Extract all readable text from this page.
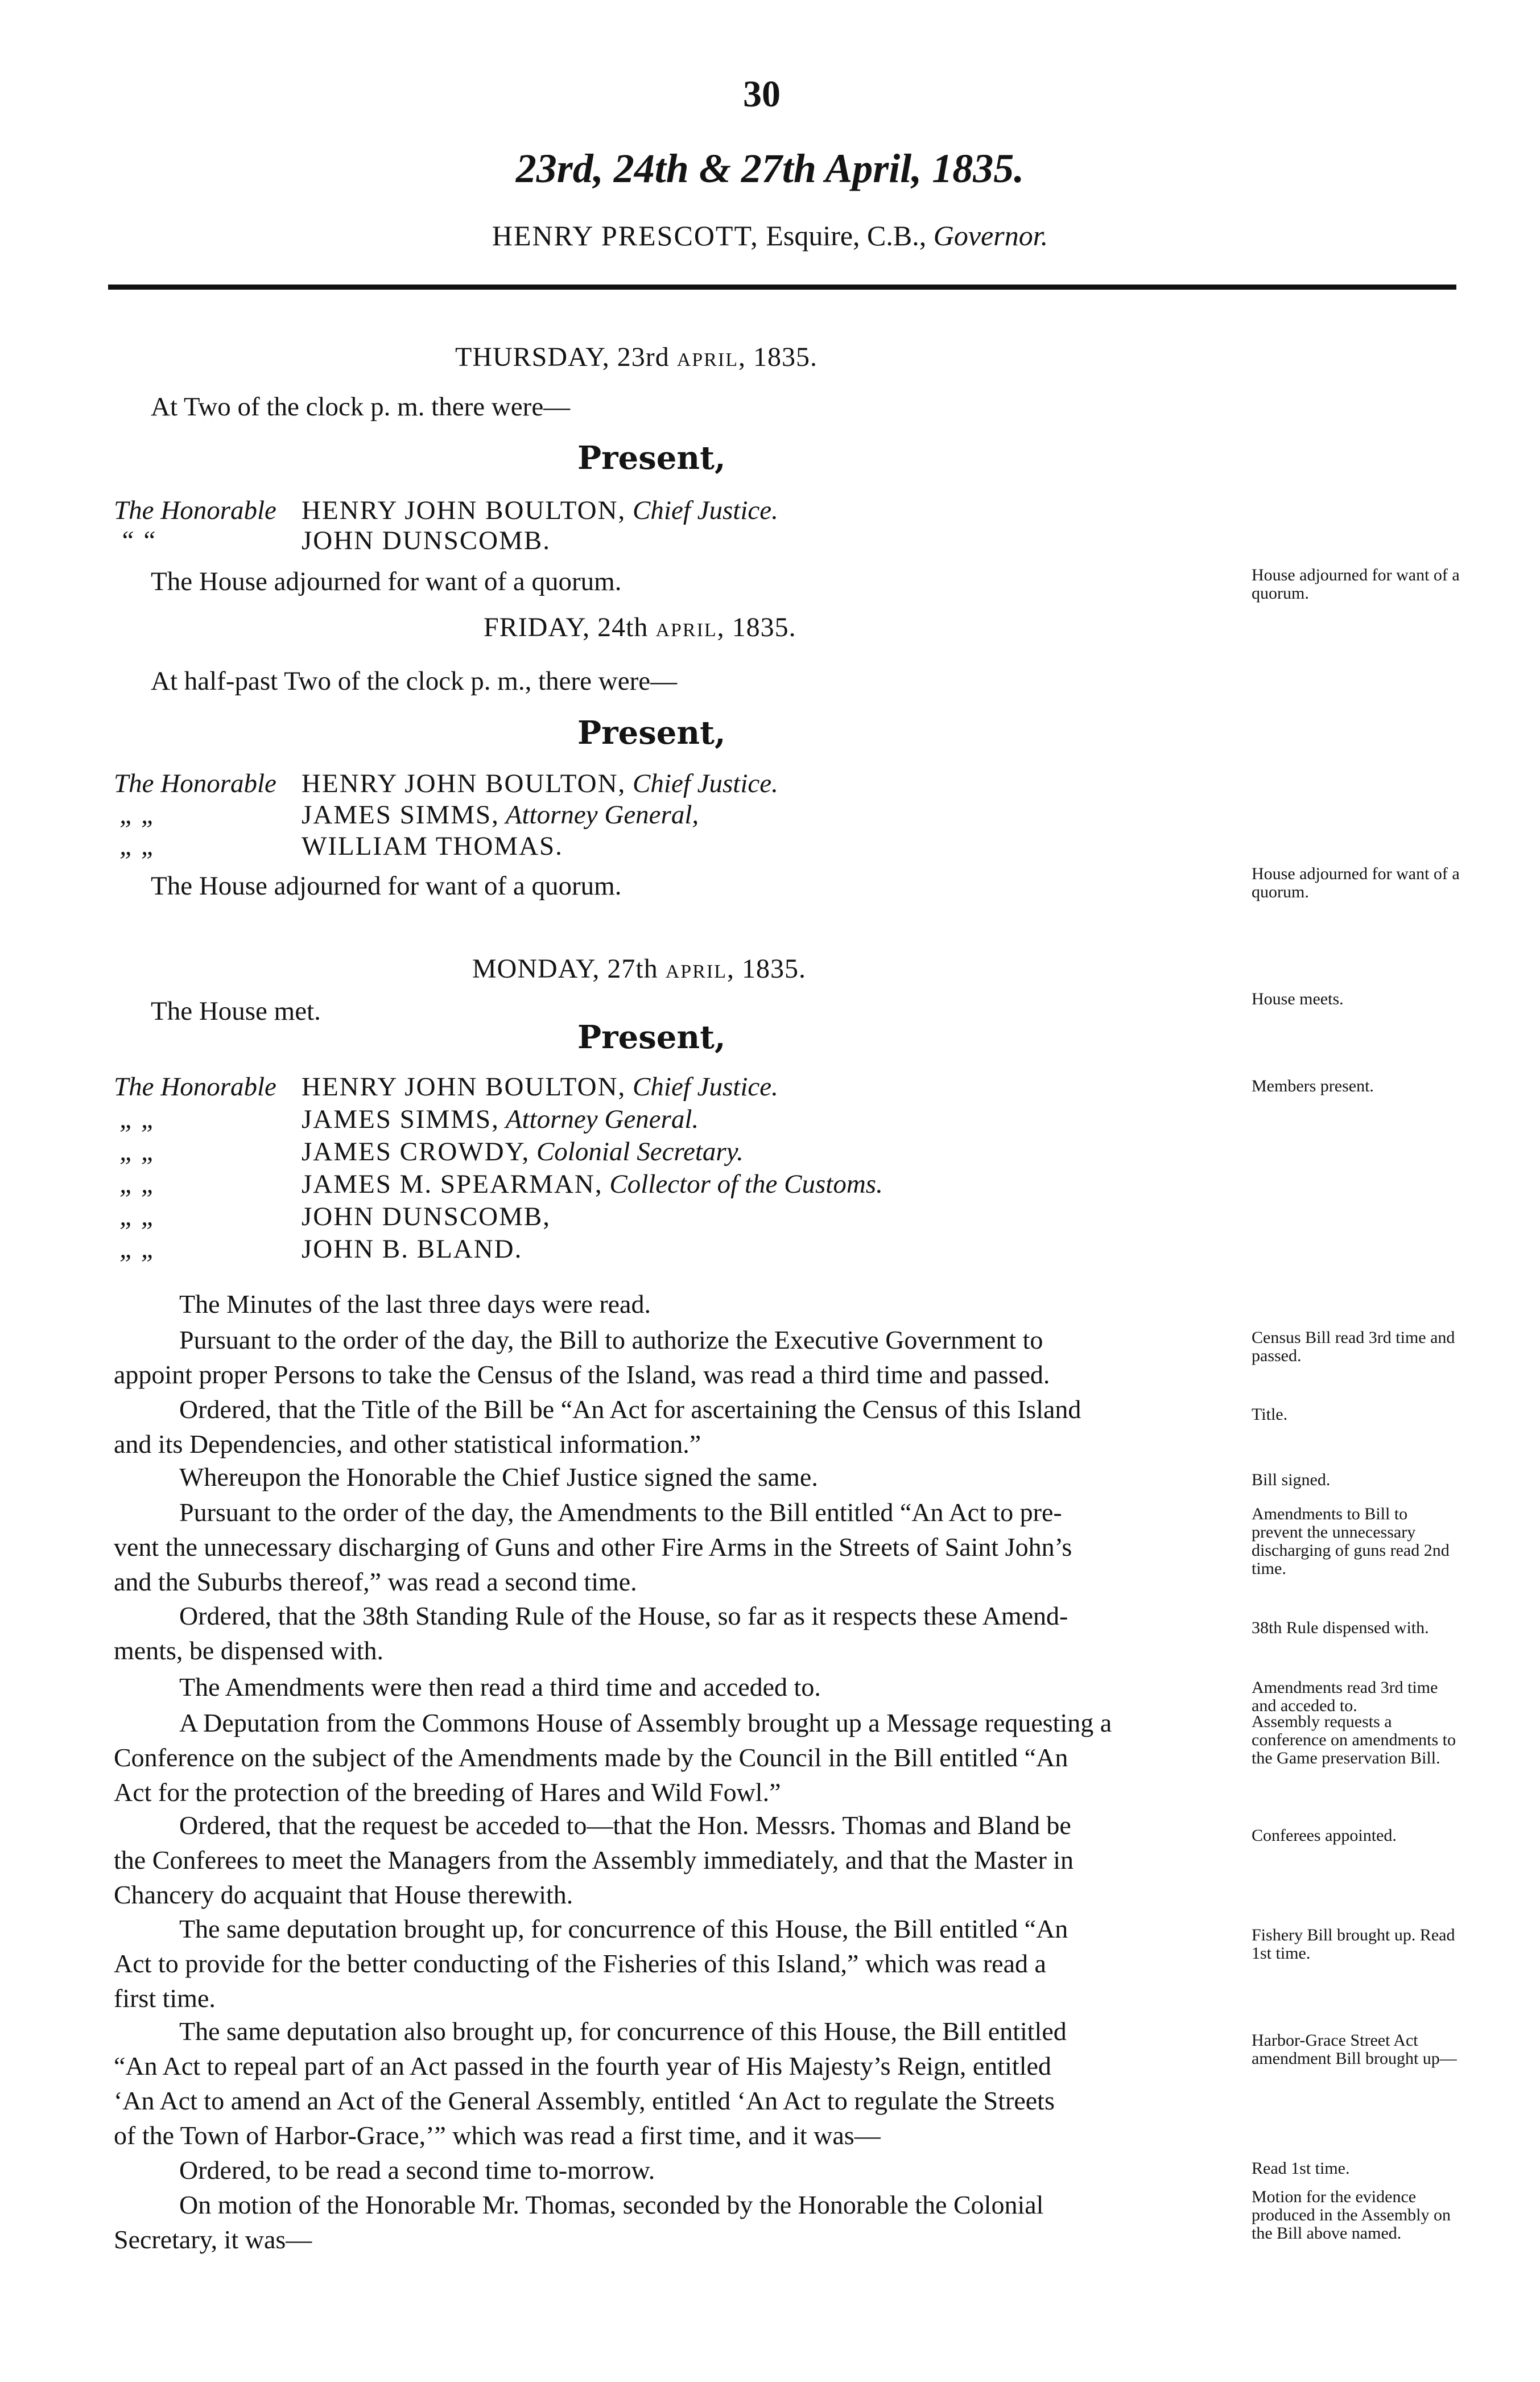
30
23rd, 24th & 27th April, 1835.
HENRY PRESCOTT, Esquire, C.B., Governor.
THURSDAY, 23rd APRIL, 1835.
At Two of the clock p. m. there were—
Present,
The Honorable HENRY JOHN BOULTON, Chief Justice.
“ “	JOHN DUNSCOMB.
The House adjourned for want of a quorum.	House adjourned for want of a quorum.
FRIDAY, 24th APRIL, 1835.
At half-past Two of the clock p. m., there were—
Present,
The Honorable HENRY JOHN BOULTON, Chief Justice.
„ „	JAMES SIMMS, Attorney General,
„ „	WILLIAM THOMAS.
The House adjourned for want of a quorum.	House adjourned for want of a quorum.
MONDAY, 27th APRIL, 1835.
The House met.	House meets.
Present,
The Honorable HENRY JOHN BOULTON, Chief Justice.	Members present.
„ „	JAMES SIMMS, Attorney General.
„ „	JAMES CROWDY, Colonial Secretary.
„ „	JAMES M. SPEARMAN, Collector of the Customs.
„ „	JOHN DUNSCOMB,
„ „	JOHN B. BLAND.
The Minutes of the last three days were read.
Pursuant to the order of the day, the Bill to authorize the Executive Government to
appoint proper Persons to take the Census of the Island, was read a third time and passed.
Census Bill read 3rd time and passed.
Ordered, that the Title of the Bill be “An Act for ascertaining the Census of this Island
and its Dependencies, and other statistical information.”
Title.
Whereupon the Honorable the Chief Justice signed the same.	Bill signed.
Pursuant to the order of the day, the Amendments to the Bill entitled “An Act to pre-
vent the unnecessary discharging of Guns and other Fire Arms in the Streets of Saint John’s
and the Suburbs thereof,” was read a second time.
Amendments to Bill to prevent the unnecessary discharging of guns read 2nd time.
Ordered, that the 38th Standing Rule of the House, so far as it respects these Amend-
ments, be dispensed with.
38th Rule dispensed with.
The Amendments were then read a third time and acceded to.	Amendments read 3rd time and acceded to.
A Deputation from the Commons House of Assembly brought up a Message requesting a
Conference on the subject of the Amendments made by the Council in the Bill entitled “An
Act for the protection of the breeding of Hares and Wild Fowl.”
Assembly requests a conference on amendments to the Game preservation Bill.
Ordered, that the request be acceded to—that the Hon. Messrs. Thomas and Bland be
the Conferees to meet the Managers from the Assembly immediately, and that the Master in
Chancery do acquaint that House therewith.
Conferees appointed.
The same deputation brought up, for concurrence of this House, the Bill entitled “An
Act to provide for the better conducting of the Fisheries of this Island,” which was read a
first time.
Fishery Bill brought up. Read 1st time.
The same deputation also brought up, for concurrence of this House, the Bill entitled
“An Act to repeal part of an Act passed in the fourth year of His Majesty’s Reign, entitled
‘An Act to amend an Act of the General Assembly, entitled ‘An Act to regulate the Streets
of the Town of Harbor-Grace,’” which was read a first time, and it was—
Harbor-Grace Street Act amendment Bill brought up—
Ordered, to be read a second time to-morrow.	Read 1st time.
On motion of the Honorable Mr. Thomas, seconded by the Honorable the Colonial
Secretary, it was—
Motion for the evidence produced in the Assembly on the Bill above named.
